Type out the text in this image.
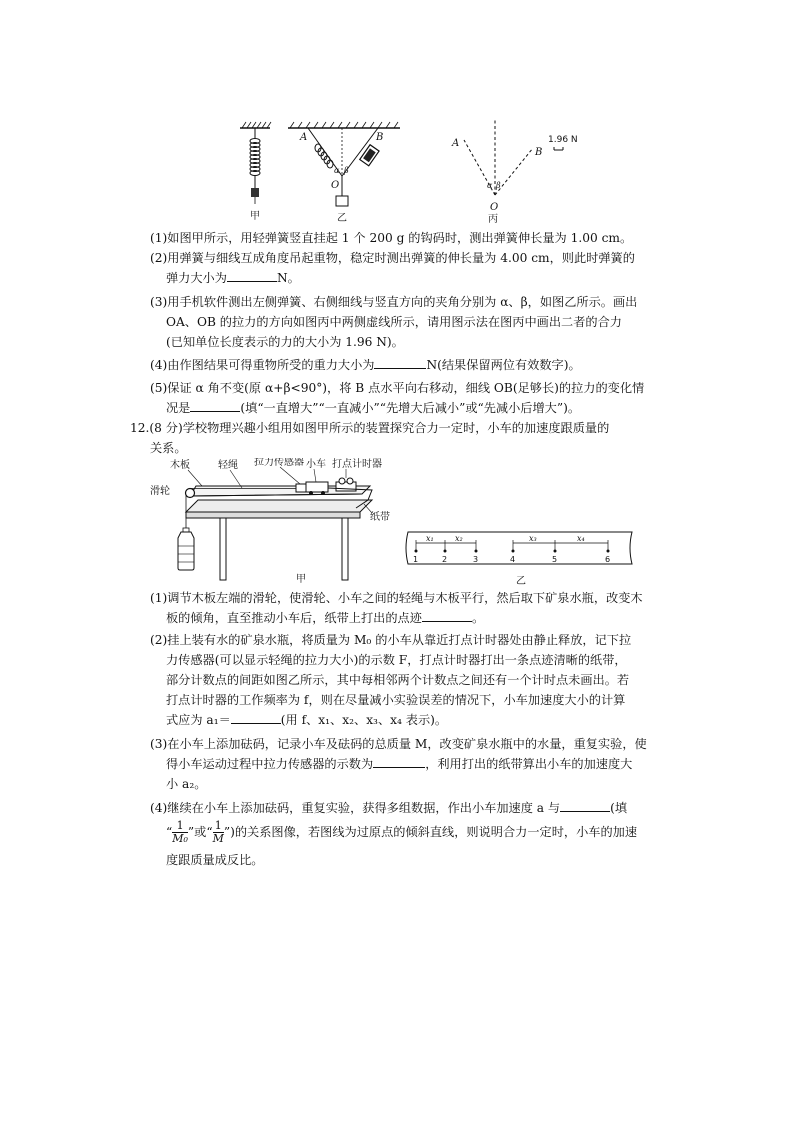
甲
A	B
O
α β
乙
A
B
O
α β
丙
1.96 N
(1)如图甲所示，用轻弹簧竖直挂起 1 个 200 g 的钩码时，测出弹簧伸长量为 1.00 cm。
(2)用弹簧与细线互成角度吊起重物，稳定时测出弹簧的伸长量为 4.00 cm，则此时弹簧的
弹力大小为	N。
(3)用手机软件测出左侧弹簧、右侧细线与竖直方向的夹角分别为 α、β，如图乙所示。画出
OA、OB 的拉力的方向如图丙中两侧虚线所示，请用图示法在图丙中画出二者的合力
(已知单位长度表示的力的大小为 1.96 N)。
(4)由作图结果可得重物所受的重力大小为	N(结果保留两位有效数字)。
(5)保证 α 角不变(原 α+β<90°)，将 B 点水平向右移动，细线 OB(足够长)的拉力的变化情
况是	(填“一直增大”“一直减小”“先增大后减小”或“先减小后增大”)。
12.(8 分)学校物理兴趣小组用如图甲所示的装置探究合力一定时，小车的加速度跟质量的
关系。
木板	轻绳 拉力传感器 小车 打点计时器
滑轮
纸带
甲
x₁	x₂	x₃	x₄
1	2	3	4	5	6
乙
(1)调节木板左端的滑轮，使滑轮、小车之间的轻绳与木板平行，然后取下矿泉水瓶，改变木
板的倾角，直至推动小车后，纸带上打出的点迹	。
(2)挂上装有水的矿泉水瓶，将质量为 M₀ 的小车从靠近打点计时器处由静止释放，记下拉
力传感器(可以显示轻绳的拉力大小)的示数 F，打点计时器打出一条点迹清晰的纸带，
部分计数点的间距如图乙所示，其中每相邻两个计数点之间还有一个计时点未画出。若
打点计时器的工作频率为 f，则在尽量减小实验误差的情况下，小车加速度大小的计算
式应为 a₁＝	(用 f、x₁、x₂、x₃、x₄ 表示)。
(3)在小车上添加砝码，记录小车及砝码的总质量 M，改变矿泉水瓶中的水量，重复实验，使
得小车运动过程中拉力传感器的示数为	，利用打出的纸带算出小车的加速度大
小 a₂。
(4)继续在小车上添加砝码，重复实验，获得多组数据，作出小车加速度 a 与	(填
“ $\frac{1}{\text{M₀}}$ ”或“ $\frac{1}{M}$ ”)的关系图像，若图线为过原点的倾斜直线，则说明合力一定时，小车的加速
度跟质量成反比。
